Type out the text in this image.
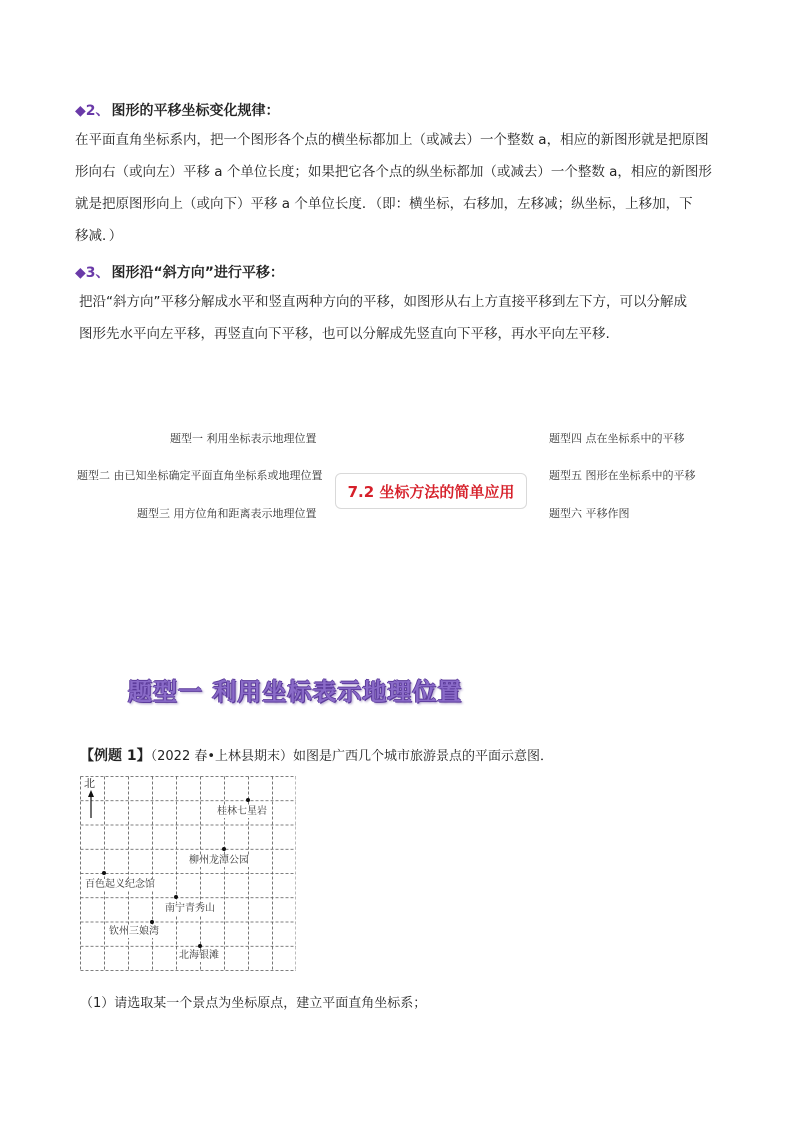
◆2、 图形的平移坐标变化规律：
在平面直角坐标系内，把一个图形各个点的横坐标都加上（或减去）一个整数 a，相应的新图形就是把原图
形向右（或向左）平移 a 个单位长度；如果把它各个点的纵坐标都加（或减去）一个整数 a，相应的新图形
就是把原图形向上（或向下）平移 a 个单位长度．（即：横坐标，右移加，左移减；纵坐标，上移加，下
移减．）
◆3、 图形沿“斜方向”进行平移：
把沿“斜方向”平移分解成水平和竖直两种方向的平移，如图形从右上方直接平移到左下方，可以分解成
图形先水平向左平移，再竖直向下平移，也可以分解成先竖直向下平移，再水平向左平移.
题型一 利用坐标表示地理位置
题型二 由已知坐标确定平面直角坐标系或地理位置
题型三 用方位角和距离表示地理位置
题型四 点在坐标系中的平移
题型五 图形在坐标系中的平移
题型六 平移作图
7.2 坐标方法的简单应用
题型一 利用坐标表示地理位置
【例题 1】（2022 春•上林县期末）如图是广西几个城市旅游景点的平面示意图．
北
桂林七星岩
柳州龙潭公园
百色起义纪念馆
南宁青秀山
钦州三娘湾
北海银滩
（1）请选取某一个景点为坐标原点，建立平面直角坐标系；
